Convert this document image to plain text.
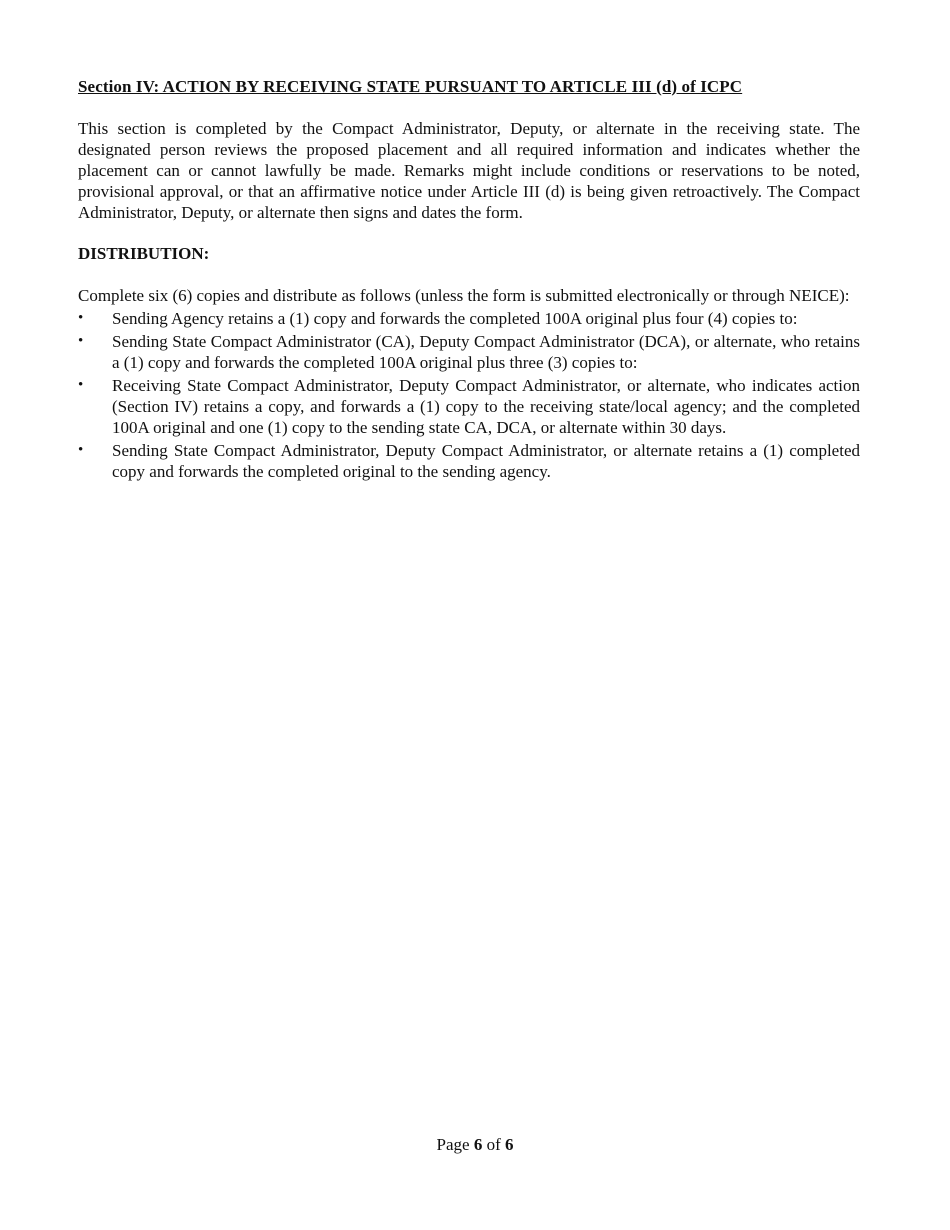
Section IV: ACTION BY RECEIVING STATE PURSUANT TO ARTICLE III (d) of ICPC

This section is completed by the Compact Administrator, Deputy, or alternate in the receiving state. The designated person reviews the proposed placement and all required information and indicates whether the placement can or cannot lawfully be made. Remarks might include conditions or reservations to be noted, provisional approval, or that an affirmative notice under Article III (d) is being given retroactively. The Compact Administrator, Deputy, or alternate then signs and dates the form.

DISTRIBUTION:

Complete six (6) copies and distribute as follows (unless the form is submitted electronically or through NEICE):

•	Sending Agency retains a (1) copy and forwards the completed 100A original plus four (4) copies to:
•	Sending State Compact Administrator (CA), Deputy Compact Administrator (DCA), or alternate, who retains a (1) copy and forwards the completed 100A original plus three (3) copies to:
•	Receiving State Compact Administrator, Deputy Compact Administrator, or alternate, who indicates action (Section IV) retains a copy, and forwards a (1) copy to the receiving state/local agency; and the completed 100A original and one (1) copy to the sending state CA, DCA, or alternate within 30 days.
•	Sending State Compact Administrator, Deputy Compact Administrator, or alternate retains a (1) completed copy and forwards the completed original to the sending agency.
Page 6 of 6
